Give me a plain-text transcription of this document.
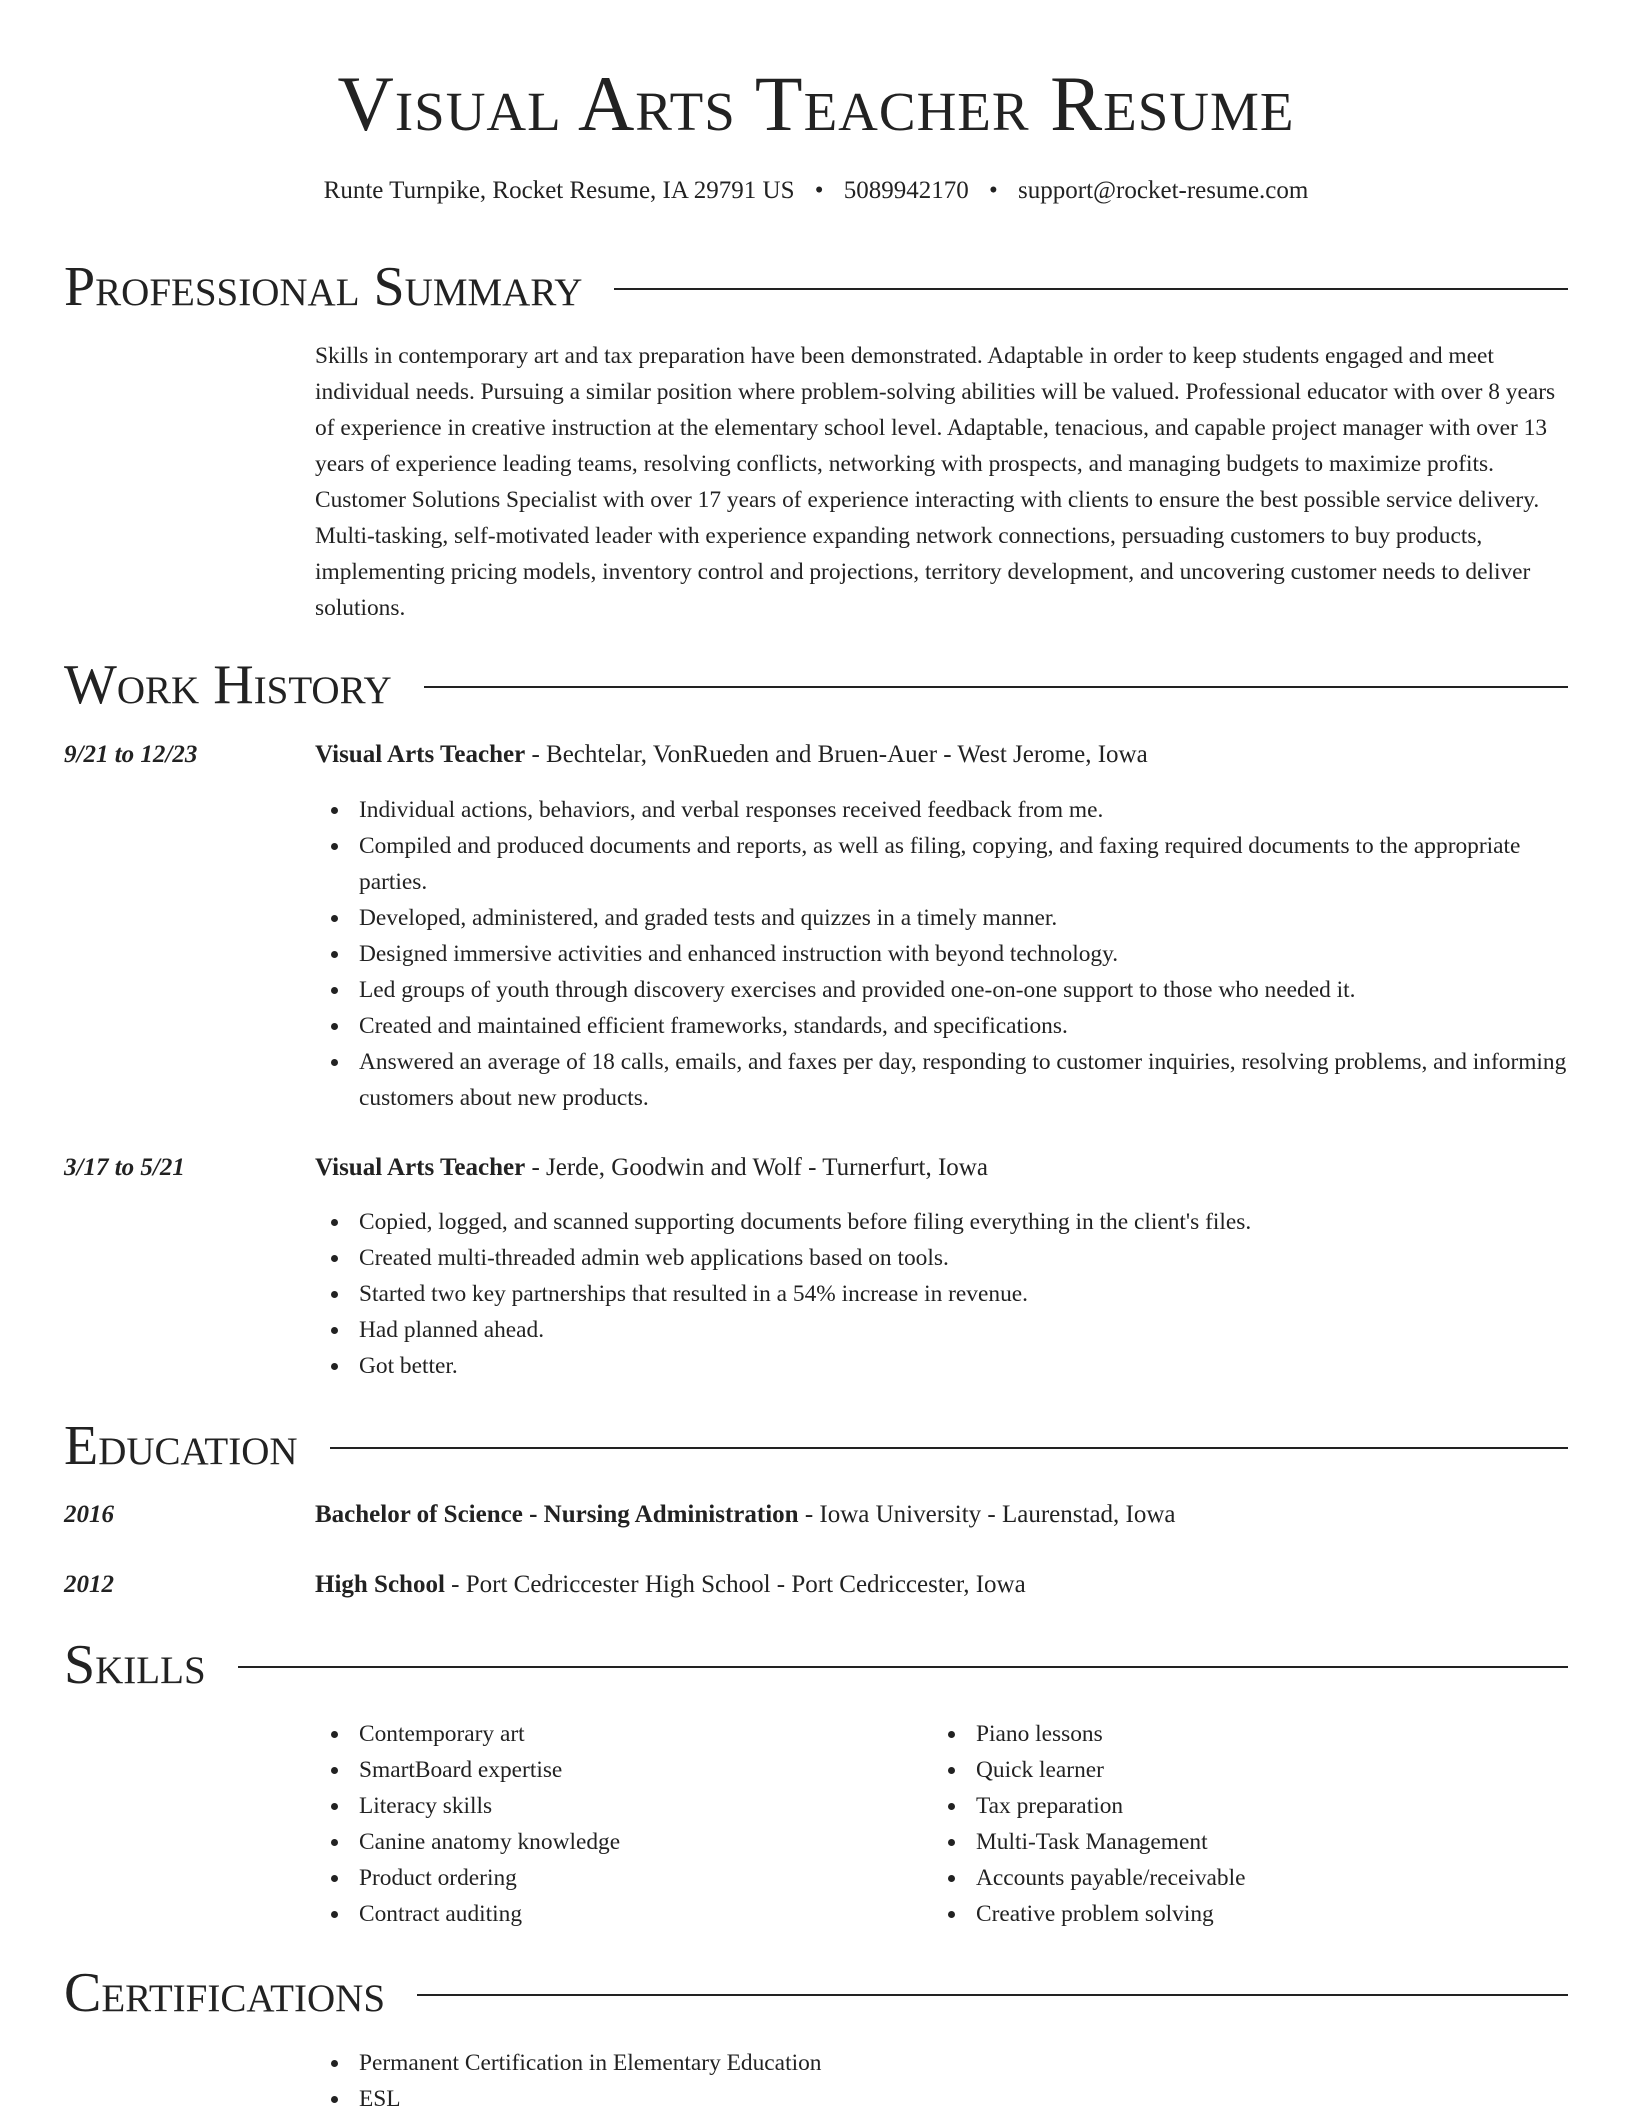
Visual Arts Teacher Resume
Runte Turnpike, Rocket Resume, IA 29791 US • 5089942170 • support@rocket-resume.com
Professional Summary

Skills in contemporary art and tax preparation have been demonstrated. Adaptable in order to keep students engaged and meet individual needs. Pursuing a similar position where problem-solving abilities will be valued. Professional educator with over 8 years of experience in creative instruction at the elementary school level. Adaptable, tenacious, and capable project manager with over 13 years of experience leading teams, resolving conflicts, networking with prospects, and managing budgets to maximize profits. Customer Solutions Specialist with over 17 years of experience interacting with clients to ensure the best possible service delivery. Multi-tasking, self-motivated leader with experience expanding network connections, persuading customers to buy products, implementing pricing models, inventory control and projections, territory development, and uncovering customer needs to deliver solutions.

Work History
9/21 to 12/23	Visual Arts Teacher - Bechtelar, VonRueden and Bruen-Auer - West Jerome, Iowa
Individual actions, behaviors, and verbal responses received feedback from me.
Compiled and produced documents and reports, as well as filing, copying, and faxing required documents to the appropriate parties.
Developed, administered, and graded tests and quizzes in a timely manner.
Designed immersive activities and enhanced instruction with beyond technology.
Led groups of youth through discovery exercises and provided one-on-one support to those who needed it.
Created and maintained efficient frameworks, standards, and specifications.
Answered an average of 18 calls, emails, and faxes per day, responding to customer inquiries, resolving problems, and informing customers about new products.
3/17 to 5/21	Visual Arts Teacher - Jerde, Goodwin and Wolf - Turnerfurt, Iowa
Copied, logged, and scanned supporting documents before filing everything in the client's files.
Created multi-threaded admin web applications based on tools.
Started two key partnerships that resulted in a 54% increase in revenue.
Had planned ahead.
Got better.
Education
2016	Bachelor of Science - Nursing Administration - Iowa University - Laurenstad, Iowa
2012	High School - Port Cedriccester High School - Port Cedriccester, Iowa
Skills
Contemporary art
SmartBoard expertise
Literacy skills
Canine anatomy knowledge
Product ordering
Contract auditing
Piano lessons
Quick learner
Tax preparation
Multi-Task Management
Accounts payable/receivable
Creative problem solving
Certifications
Permanent Certification in Elementary Education
ESL
